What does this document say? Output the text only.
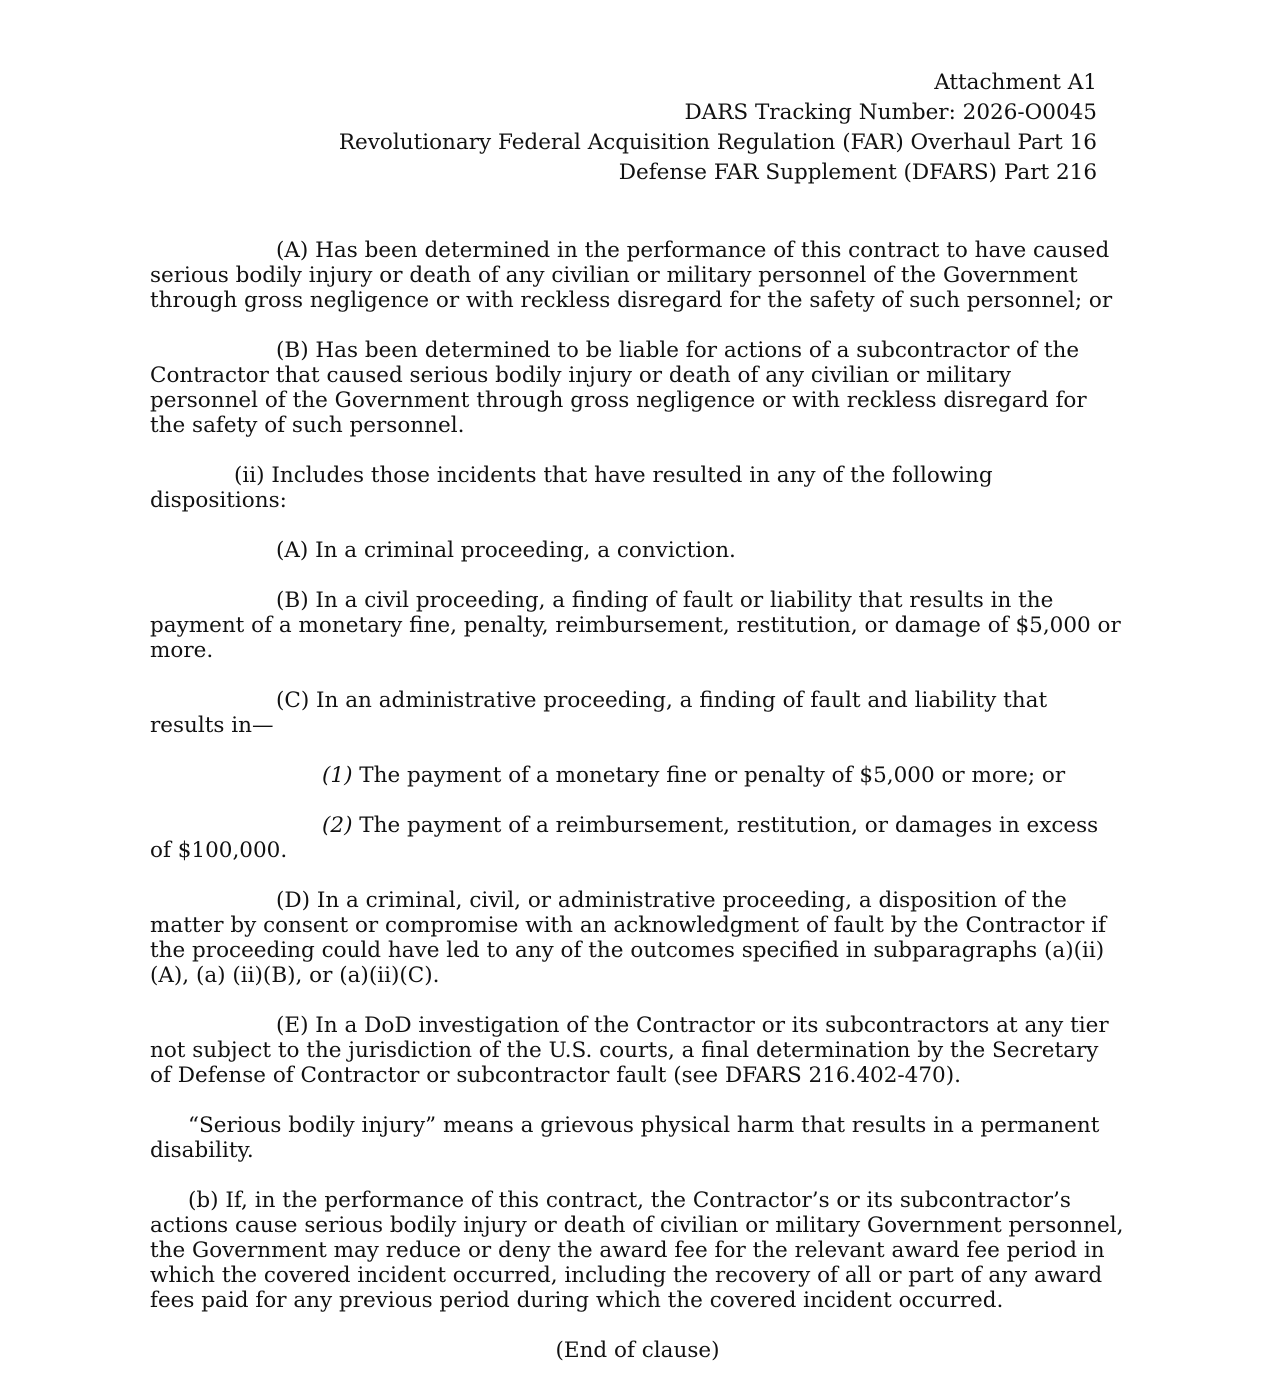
Attachment A1
DARS Tracking Number: 2026-O0045
Revolutionary Federal Acquisition Regulation (FAR) Overhaul Part 16
Defense FAR Supplement (DFARS) Part 216

(A) Has been determined in the performance of this contract to have caused serious bodily injury or death of any civilian or military personnel of the Government through gross negligence or with reckless disregard for the safety of such personnel; or

(B) Has been determined to be liable for actions of a subcontractor of the Contractor that caused serious bodily injury or death of any civilian or military personnel of the Government through gross negligence or with reckless disregard for the safety of such personnel.

(ii) Includes those incidents that have resulted in any of the following dispositions:

(A) In a criminal proceeding, a conviction.

(B) In a civil proceeding, a finding of fault or liability that results in the payment of a monetary fine, penalty, reimbursement, restitution, or damage of $5,000 or more.

(C) In an administrative proceeding, a finding of fault and liability that results in—

(1) The payment of a monetary fine or penalty of $5,000 or more; or

(2) The payment of a reimbursement, restitution, or damages in excess of $100,000.

(D) In a criminal, civil, or administrative proceeding, a disposition of the matter by consent or compromise with an acknowledgment of fault by the Contractor if the proceeding could have led to any of the outcomes specified in subparagraphs (a)(ii)(A), (a) (ii)(B), or (a)(ii)(C).

(E) In a DoD investigation of the Contractor or its subcontractors at any tier not subject to the jurisdiction of the U.S. courts, a final determination by the Secretary of Defense of Contractor or subcontractor fault (see DFARS 216.402-470).

“Serious bodily injury” means a grievous physical harm that results in a permanent disability.

(b) If, in the performance of this contract, the Contractor’s or its subcontractor’s actions cause serious bodily injury or death of civilian or military Government personnel, the Government may reduce or deny the award fee for the relevant award fee period in which the covered incident occurred, including the recovery of all or part of any award fees paid for any previous period during which the covered incident occurred.

(End of clause)
